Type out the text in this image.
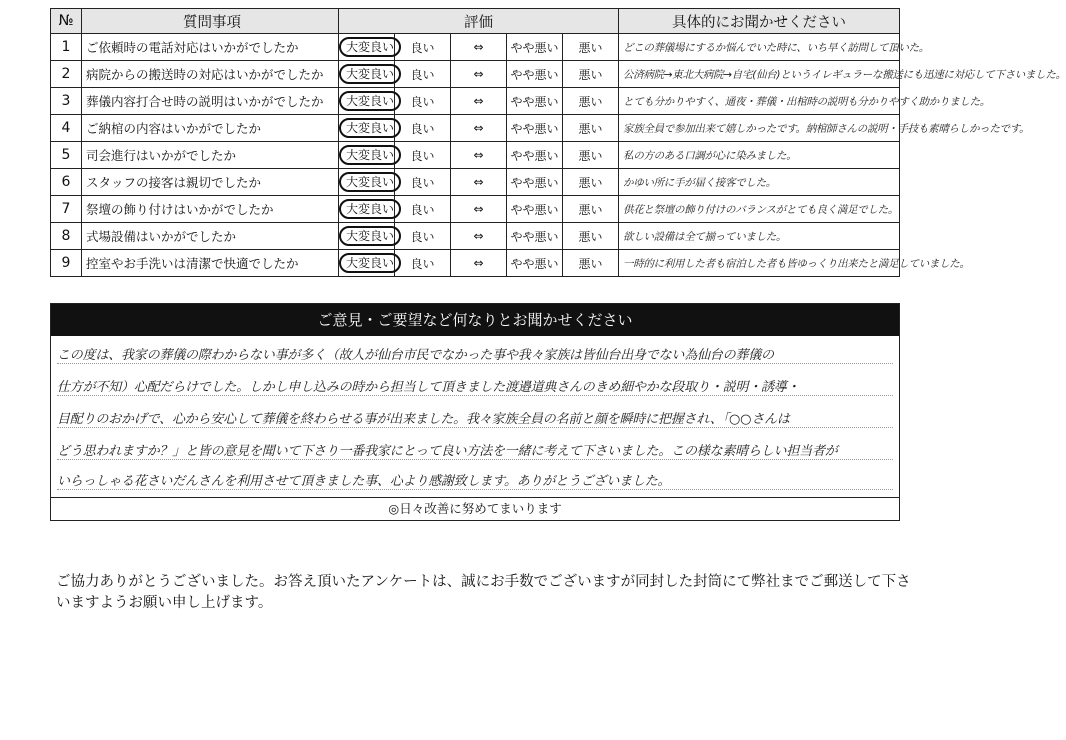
№	質問事項	評価					具体的にお聞かせください
1	ご依頼時の電話対応はいかがでしたか	大変良い	良い	⇔	やや悪い	悪い	どこの葬儀場にするか悩んでいた時に、いち早く訪問して頂いた。
2	病院からの搬送時の対応はいかがでしたか	大変良い	良い	⇔	やや悪い	悪い	公済病院→東北大病院→自宅(仙台)というイレギュラーな搬送にも迅速に対応して下さいました。
3	葬儀内容打合せ時の説明はいかがでしたか	大変良い	良い	⇔	やや悪い	悪い	とても分かりやすく、通夜・葬儀・出棺時の説明も分かりやすく助かりました。
4	ご納棺の内容はいかがでしたか	大変良い	良い	⇔	やや悪い	悪い	家族全員で参加出来て嬉しかったです。納棺師さんの説明・手技も素晴らしかったです。
5	司会進行はいかがでしたか	大変良い	良い	⇔	やや悪い	悪い	私の方のある口調が心に染みました。
6	スタッフの接客は親切でしたか	大変良い	良い	⇔	やや悪い	悪い	かゆい所に手が届く接客でした。
7	祭壇の飾り付けはいかがでしたか	大変良い	良い	⇔	やや悪い	悪い	供花と祭壇の飾り付けのバランスがとても良く満足でした。
8	式場設備はいかがでしたか	大変良い	良い	⇔	やや悪い	悪い	欲しい設備は全て揃っていました。
9	控室やお手洗いは清潔で快適でしたか	大変良い	良い	⇔	やや悪い	悪い	一時的に利用した者も宿泊した者も皆ゆっくり出来たと満足していました。
ご意見・ご要望など何なりとお聞かせください
この度は、我家の葬儀の際わからない事が多く（故人が仙台市民でなかった事や我々家族は皆仙台出身でない為仙台の葬儀の
仕方が不知）心配だらけでした。しかし申し込みの時から担当して頂きました渡邉道典さんのきめ細やかな段取り・説明・誘導・
目配りのおかげで、心から安心して葬儀を終わらせる事が出来ました。我々家族全員の名前と顔を瞬時に把握され、「○○さんは
どう思われますか？」と皆の意見を聞いて下さり一番我家にとって良い方法を一緒に考えて下さいました。この様な素晴らしい担当者が
いらっしゃる花さいだんさんを利用させて頂きました事、心より感謝致します。ありがとうございました。
◎日々改善に努めてまいります
ご協力ありがとうございました。お答え頂いたアンケートは、誠にお手数でございますが同封した封筒にて弊社までご郵送して下さいますようお願い申し上げます。
